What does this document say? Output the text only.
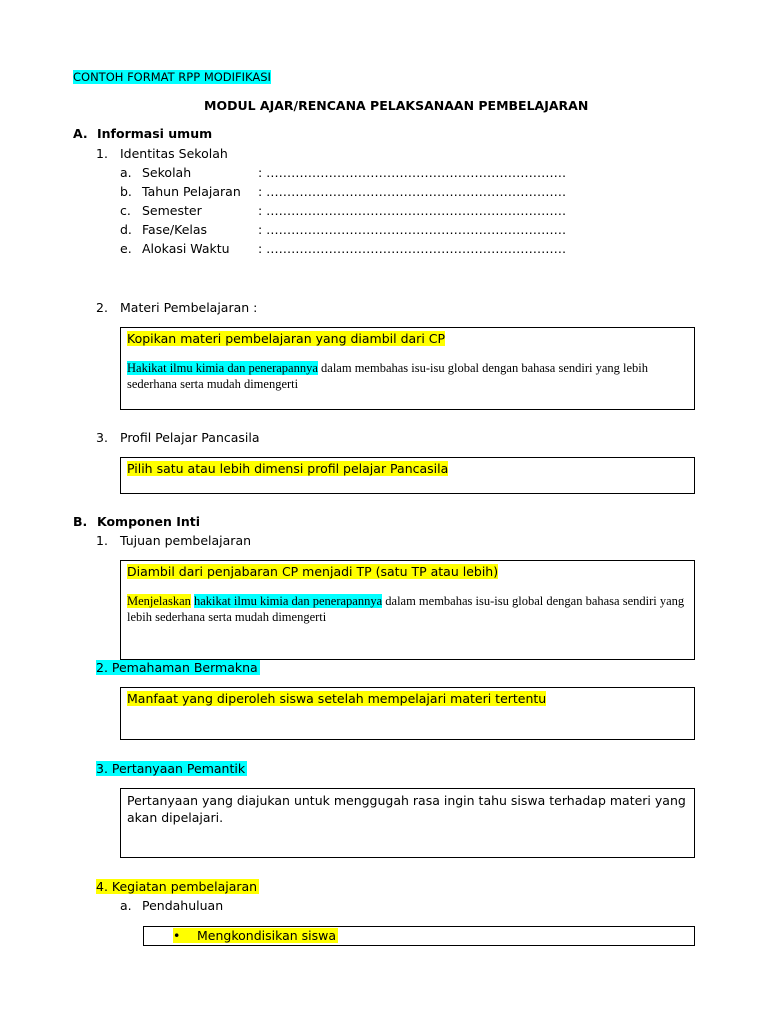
CONTOH FORMAT RPP MODIFIKASI
MODUL AJAR/RENCANA PELAKSANAAN PEMBELAJARAN
A. Informasi umum
1. Identitas Sekolah
a. Sekolah	: ………………………………………………………………
b. Tahun Pelajaran : ………………………………………………………………
c. Semester	: ………………………………………………………………
d. Fase/Kelas	: ………………………………………………………………
e. Alokasi Waktu : ………………………………………………………………
2. Materi Pembelajaran :
Kopikan materi pembelajaran yang diambil dari CP
Hakikat ilmu kimia dan penerapannya dalam membahas isu-isu global dengan bahasa sendiri yang lebih sederhana serta mudah dimengerti
3. Profil Pelajar Pancasila
Pilih satu atau lebih dimensi profil pelajar Pancasila
B. Komponen Inti
1. Tujuan pembelajaran
Diambil dari penjabaran CP menjadi TP (satu TP atau lebih)
Menjelaskan hakikat ilmu kimia dan penerapannya dalam membahas isu-isu global dengan bahasa sendiri yang lebih sederhana serta mudah dimengerti
2. Pemahaman Bermakna
Manfaat yang diperoleh siswa setelah mempelajari materi tertentu
3. Pertanyaan Pemantik
Pertanyaan yang diajukan untuk menggugah rasa ingin tahu siswa terhadap materi yang akan dipelajari.
4. Kegiatan pembelajaran
a. Pendahuluan
• Mengkondisikan siswa
